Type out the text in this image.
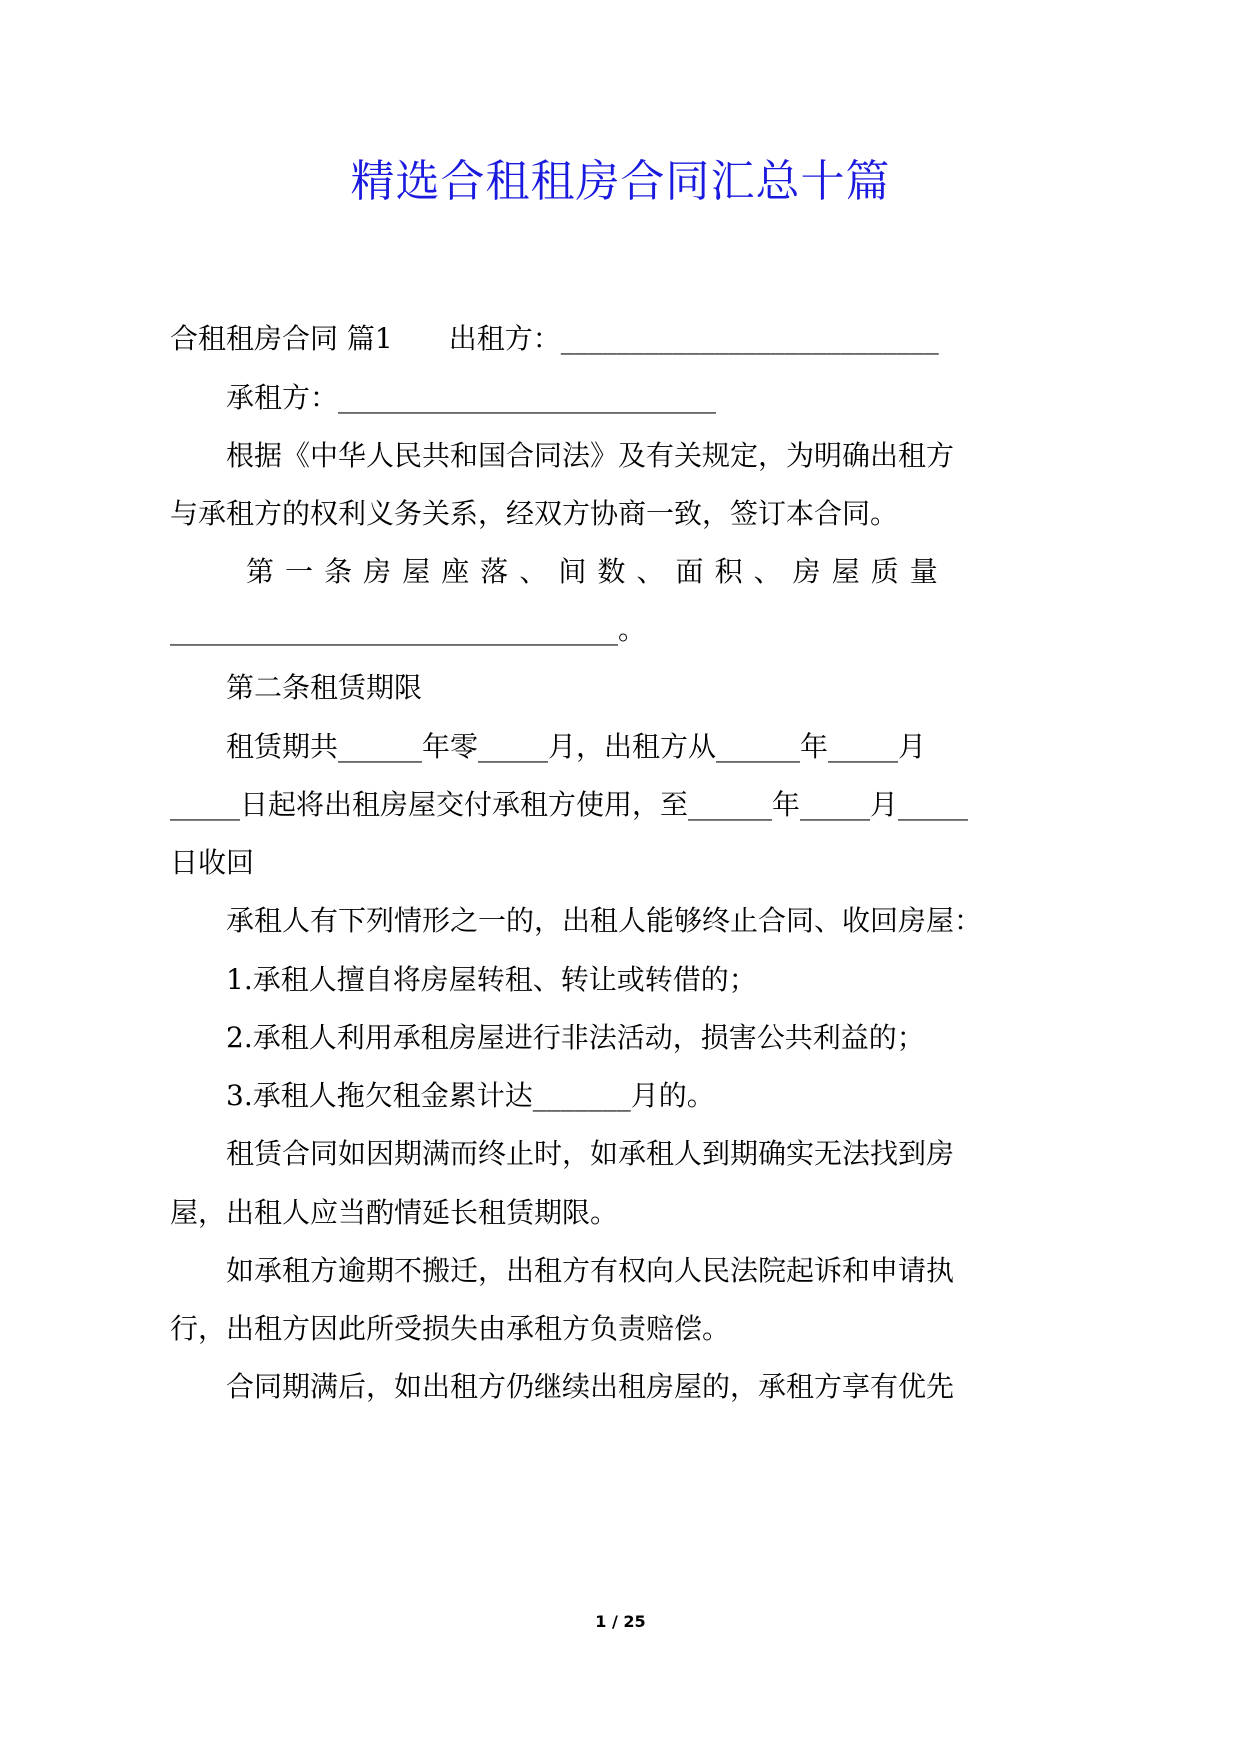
精选合租租房合同汇总十篇
合租租房合同 篇1　　出租方：___________________________
承租方：___________________________
根据《中华人民共和国合同法》及有关规定，为明确出租方
与承租方的权利义务关系，经双方协商一致，签订本合同。
第 一 条 房 屋 座 落 、 间 数 、 面 积 、 房 屋 质 量
________________________________。
第二条租赁期限
租赁期共______年零_____月，出租方从______年_____月
_____日起将出租房屋交付承租方使用，至______年_____月_____
日收回
承租人有下列情形之一的，出租人能够终止合同、收回房屋：
1.承租人擅自将房屋转租、转让或转借的；
2.承租人利用承租房屋进行非法活动，损害公共利益的；
3.承租人拖欠租金累计达_______月的。
租赁合同如因期满而终止时，如承租人到期确实无法找到房
屋，出租人应当酌情延长租赁期限。
如承租方逾期不搬迁，出租方有权向人民法院起诉和申请执
行，出租方因此所受损失由承租方负责赔偿。
合同期满后，如出租方仍继续出租房屋的，承租方享有优先
1 / 25
